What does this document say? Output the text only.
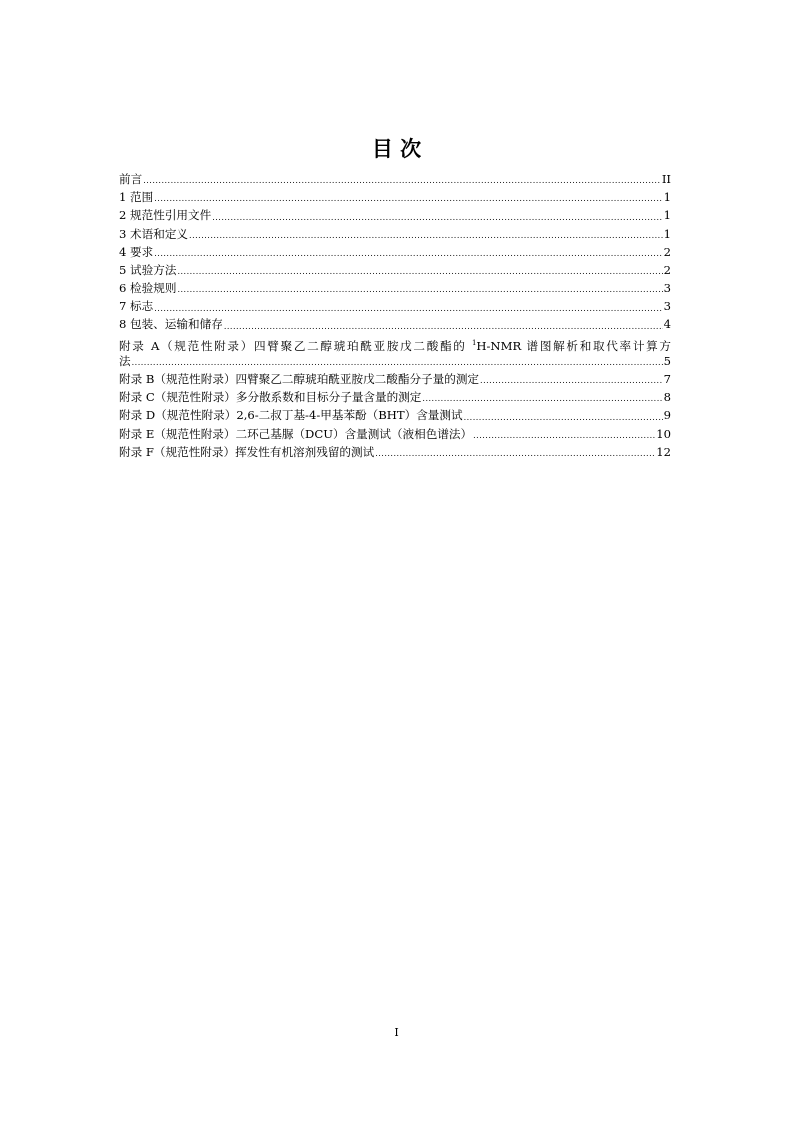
目 次
前言 .....	II
1 范围 .....	1
2 规范性引用文件 .....	1
3 术语和定义 .....	1
4 要求 .....	2
5 试验方法 .....	2
6 检验规则 .....	3
7 标志 .....	3
8 包装、运输和储存 .....	4
附录 A（规范性附录）四臂聚乙二醇琥珀酰亚胺戊二酸酯的 $^1$H-NMR 谱图解析和取代率计算方
法 .....	5
附录 B（规范性附录）四臂聚乙二醇琥珀酰亚胺戊二酸酯分子量的测定 .....	7
附录 C（规范性附录）多分散系数和目标分子量含量的测定 .....	8
附录 D（规范性附录）2,6-二叔丁基-4-甲基苯酚（BHT）含量测试 .....	9
附录 E（规范性附录）二环己基脲（DCU）含量测试（液相色谱法） .....	10
附录 F（规范性附录）挥发性有机溶剂残留的测试 .....	12
I
